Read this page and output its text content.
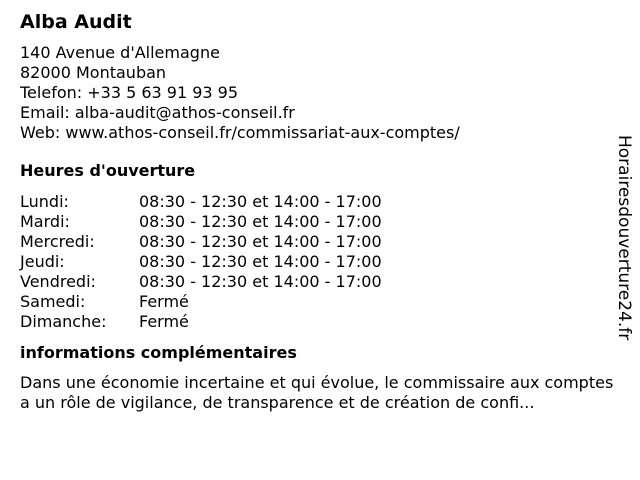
Alba Audit
140 Avenue d'Allemagne
82000 Montauban
Telefon: +33 5 63 91 93 95
Email: alba-audit@athos-conseil.fr
Web: www.athos-conseil.fr/commissariat-aux-comptes/
Heures d'ouverture
Lundi:	08:30 - 12:30 et 14:00 - 17:00
Mardi:	08:30 - 12:30 et 14:00 - 17:00
Mercredi:	08:30 - 12:30 et 14:00 - 17:00
Jeudi:	08:30 - 12:30 et 14:00 - 17:00
Vendredi:	08:30 - 12:30 et 14:00 - 17:00
Samedi:	Fermé
Dimanche:	Fermé
informations complémentaires
Dans une économie incertaine et qui évolue, le commissaire aux comptes a un rôle de vigilance, de transparence et de création de confi...
Horairesdouverture24.fr
